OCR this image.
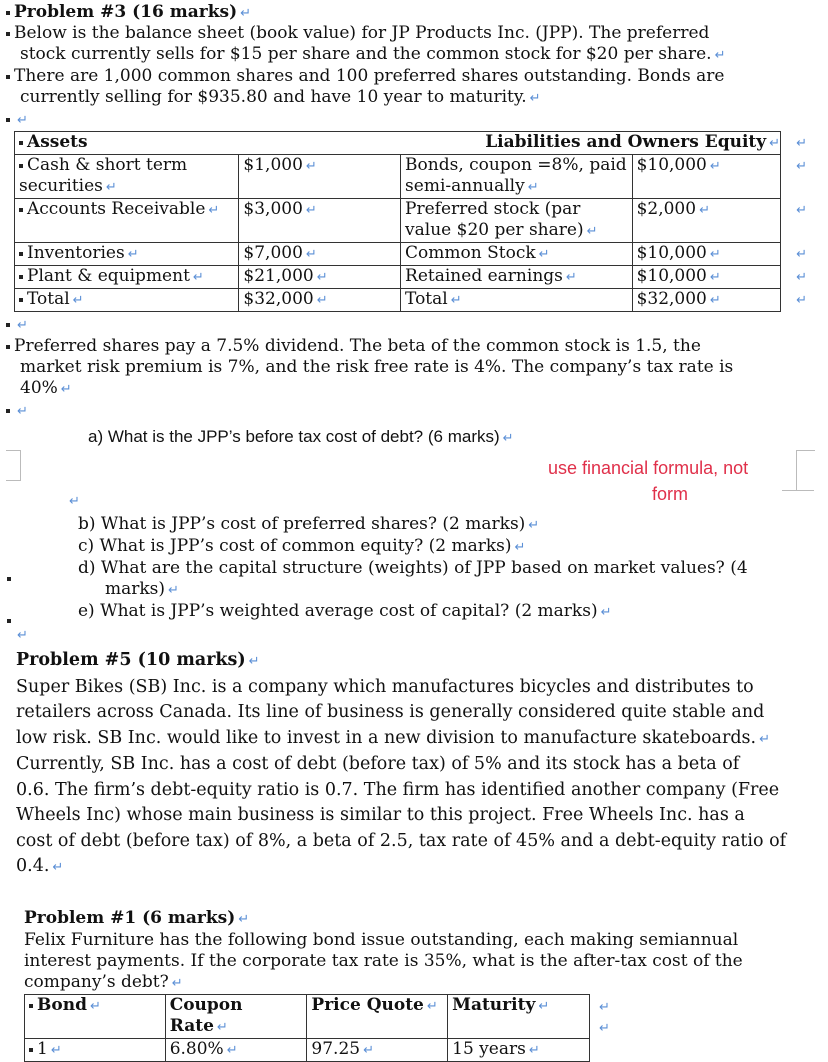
Problem #3 (16 marks) ↵
Below is the balance sheet (book value) for JP Products Inc. (JPP). The preferred
stock currently sells for $15 per share and the common stock for $20 per share. ↵
There are 1,000 common shares and 100 preferred shares outstanding. Bonds are
currently selling for $935.80 and have 10 year to maturity. ↵
↵
Assets	Liabilities and Owners Equity ↵			↵
Cash & short term securities ↵	$1,000 ↵	Bonds, coupon =8%, paid semi-annually ↵	$10,000 ↵	↵
Accounts Receivable ↵	$3,000 ↵	Preferred stock (par value $20 per share) ↵	$2,000 ↵	↵
Inventories ↵	$7,000 ↵	Common Stock ↵	$10,000 ↵	↵
Plant & equipment ↵	$21,000 ↵	Retained earnings ↵	$10,000 ↵	↵
Total ↵	$32,000 ↵	Total ↵	$32,000 ↵	↵
↵
Preferred shares pay a 7.5% dividend. The beta of the common stock is 1.5, the
market risk premium is 7%, and the risk free rate is 4%. The company’s tax rate is
40% ↵
↵
a) What is the JPP’s before tax cost of debt? (6 marks) ↵
use financial formula, not
form
↵
b) What is JPP’s cost of preferred shares? (2 marks) ↵
c) What is JPP’s cost of common equity? (2 marks) ↵
d) What are the capital structure (weights) of JPP based on market values? (4
marks) ↵
e) What is JPP’s weighted average cost of capital? (2 marks) ↵
↵
Problem #5 (10 marks) ↵
Super Bikes (SB) Inc. is a company which manufactures bicycles and distributes to
retailers across Canada. Its line of business is generally considered quite stable and
low risk. SB Inc. would like to invest in a new division to manufacture skateboards. ↵
Currently, SB Inc. has a cost of debt (before tax) of 5% and its stock has a beta of
0.6. The firm’s debt-equity ratio is 0.7. The firm has identified another company (Free
Wheels Inc) whose main business is similar to this project. Free Wheels Inc. has a
cost of debt (before tax) of 8%, a beta of 2.5, tax rate of 45% and a debt-equity ratio of
0.4. ↵
Problem #1 (6 marks) ↵
Felix Furniture has the following bond issue outstanding, each making semiannual
interest payments. If the corporate tax rate is 35%, what is the after-tax cost of the
company’s debt? ↵
Bond ↵	Coupon Rate ↵	Price Quote ↵	Maturity ↵
1 ↵	6.80% ↵	97.25 ↵	15 years ↵
↵
↵
